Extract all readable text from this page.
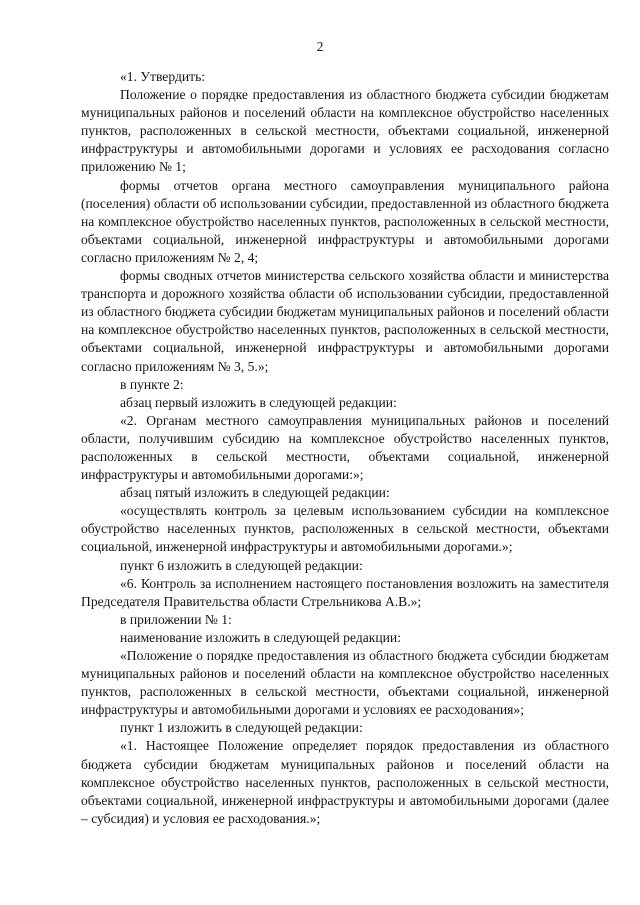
2

«1. Утвердить:

Положение о порядке предоставления из областного бюджета субсидии бюджетам муниципальных районов и поселений области на комплексное обустройство населенных пунктов, расположенных в сельской местности, объектами социальной, инженерной инфраструктуры и автомобильными дорогами и условиях ее расходования согласно приложению № 1;

формы отчетов органа местного самоуправления муниципального района (поселения) области об использовании субсидии, предоставленной из областного бюджета на комплексное обустройство населенных пунктов, расположенных в сельской местности, объектами социальной, инженерной инфраструктуры и автомобильными дорогами согласно приложениям № 2, 4;

формы сводных отчетов министерства сельского хозяйства области и министерства транспорта и дорожного хозяйства области об использовании субсидии, предоставленной из областного бюджета субсидии бюджетам муниципальных районов и поселений области на комплексное обустройство населенных пунктов, расположенных в сельской местности, объектами социальной, инженерной инфраструктуры и автомобильными дорогами согласно приложениям № 3, 5.»;

в пункте 2:

абзац первый изложить в следующей редакции:

«2. Органам местного самоуправления муниципальных районов и поселений области, получившим субсидию на комплексное обустройство населенных пунктов, расположенных в сельской местности, объектами социальной, инженерной инфраструктуры и автомобильными дорогами:»;

абзац пятый изложить в следующей редакции:

«осуществлять контроль за целевым использованием субсидии на комплексное обустройство населенных пунктов, расположенных в сельской местности, объектами социальной, инженерной инфраструктуры и автомобильными дорогами.»;

пункт 6 изложить в следующей редакции:

«6. Контроль за исполнением настоящего постановления возложить на заместителя Председателя Правительства области Стрельникова А.В.»;

в приложении № 1:

наименование изложить в следующей редакции:

«Положение о порядке предоставления из областного бюджета субсидии бюджетам муниципальных районов и поселений области на комплексное обустройство населенных пунктов, расположенных в сельской местности, объектами социальной, инженерной инфраструктуры и автомобильными дорогами и условиях ее расходования»;

пункт 1 изложить в следующей редакции:

«1. Настоящее Положение определяет порядок предоставления из областного бюджета субсидии бюджетам муниципальных районов и поселений области на комплексное обустройство населенных пунктов, расположенных в сельской местности, объектами социальной, инженерной инфраструктуры и автомобильными дорогами (далее – субсидия) и условия ее расходования.»;
